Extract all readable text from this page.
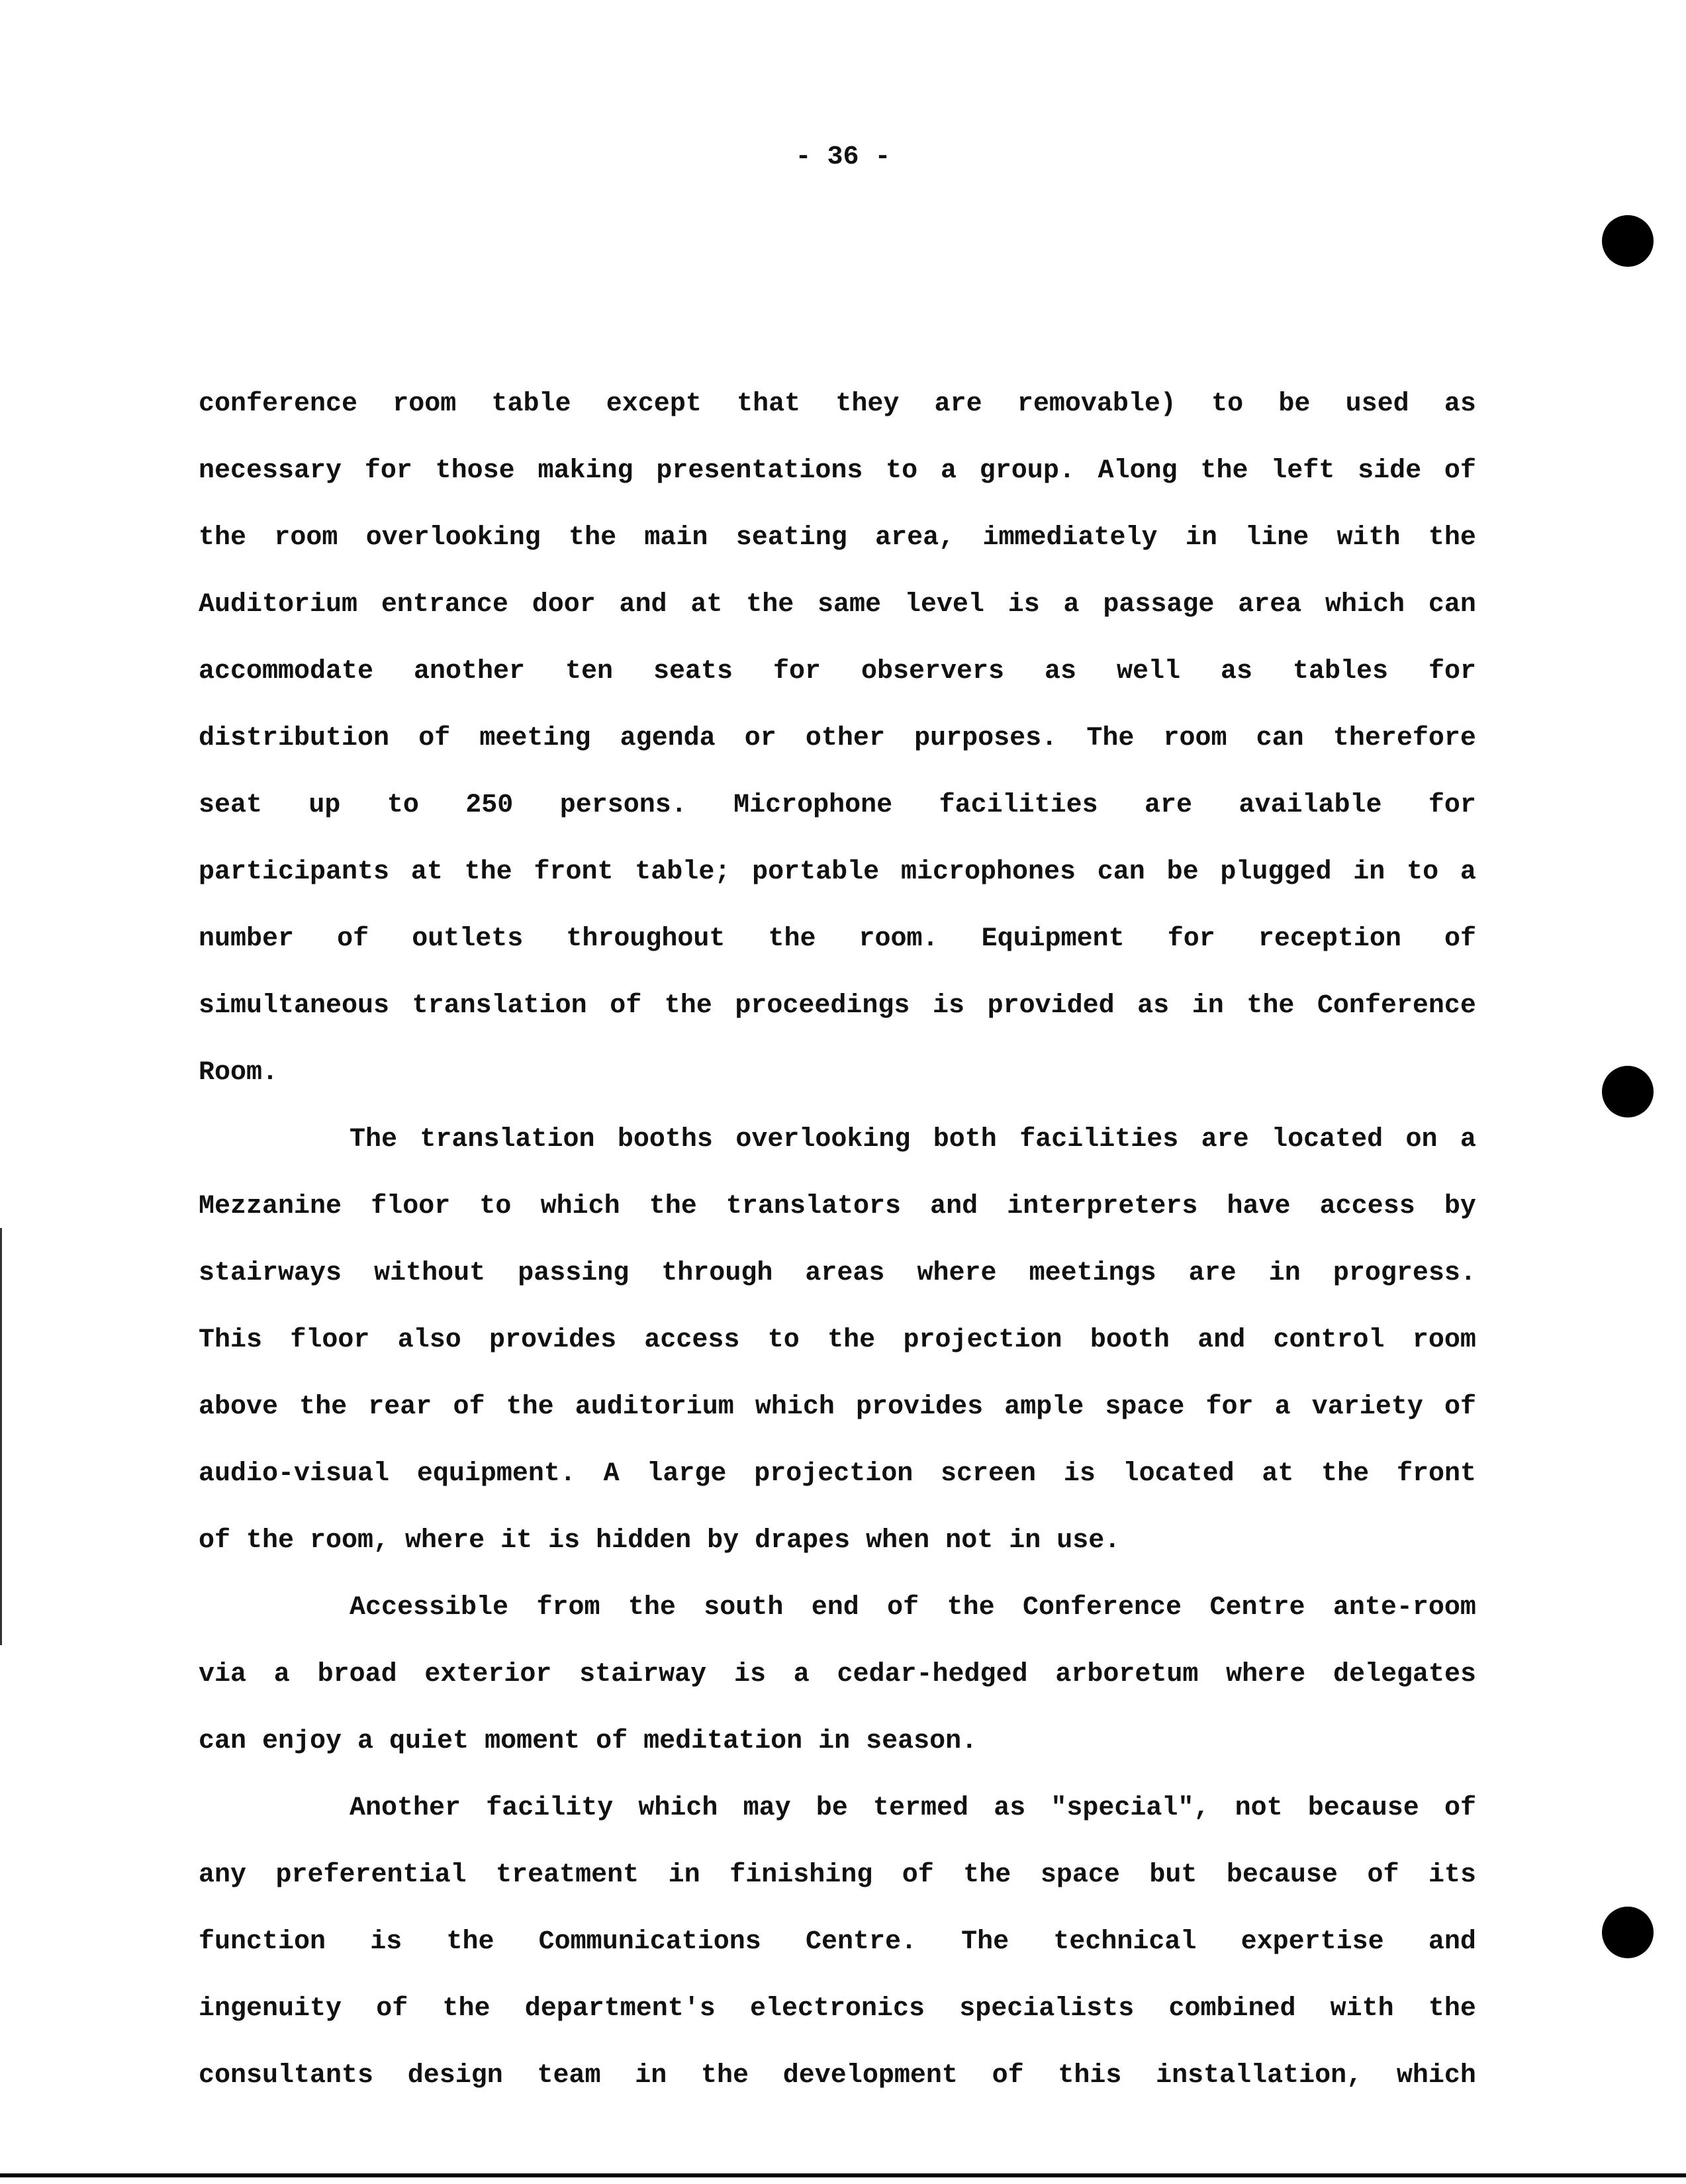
- 36 -
conference room table except that they are removable) to be used as
necessary for those making presentations to a group. Along the left side of
the room overlooking the main seating area, immediately in line with the
Auditorium entrance door and at the same level is a passage area which can
accommodate another ten seats for observers as well as tables for
distribution of meeting agenda or other purposes. The room can therefore
seat up to 250 persons. Microphone facilities are available for
participants at the front table; portable microphones can be plugged in to a
number of outlets throughout the room. Equipment for reception of
simultaneous translation of the proceedings is provided as in the Conference
Room.
The translation booths overlooking both facilities are located on a
Mezzanine floor to which the translators and interpreters have access by
stairways without passing through areas where meetings are in progress.
This floor also provides access to the projection booth and control room
above the rear of the auditorium which provides ample space for a variety of
audio-visual equipment. A large projection screen is located at the front
of the room, where it is hidden by drapes when not in use.
Accessible from the south end of the Conference Centre ante-room
via a broad exterior stairway is a cedar-hedged arboretum where delegates
can enjoy a quiet moment of meditation in season.
Another facility which may be termed as "special", not because of
any preferential treatment in finishing of the space but because of its
function is the Communications Centre. The technical expertise and
ingenuity of the department's electronics specialists combined with the
consultants design team in the development of this installation, which
